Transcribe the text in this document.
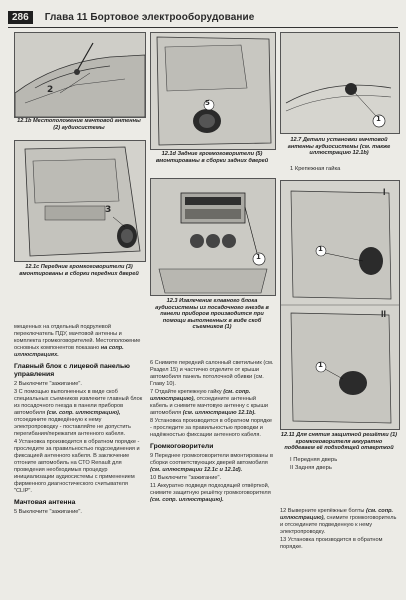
286	Глава 11 Бортовое электрооборудование
2
12.1b Местоположение мачтовой антенны (2) аудиосистемы
3
12.1c Передние громкоговорители (3) вмонтированы в сборки передних дверей
5
12.1d Задние громкоговорители (5) вмонтированы в сборки задних дверей
1
12.7 Детали установки мачтовой антенны аудиосистемы (см. также иллюстрацию 12.1b)
1 Крепежная гайка
1
12.3 Извлечение главного блока аудиосистемы из посадочного гнезда в панели приборов производится при помощи выполненных в виде скоб съемников (1)
I
II
1
1
12.11 Для снятия защитной решётки (1) громкоговорителя аккуратно поддеваем её подходящей отверткой
I Передняя дверь
II Задняя дверь

мещенных на отдельный подрулевой переключатель ПДУ, мачтовой антенны и комплекта громкоговорителей. Местоположение основных компонентов показано на сопр. иллюстрациях.

Главный блок с лицевой панелью управления

2 Выключите "зажигание".

3 С помощью выполненных в виде скоб специальных съемников извлеките главный блок из посадочного гнезда в панели приборов автомобиля (см. сопр. иллюстрацию), отсоедините подведённую к нему электропроводку - поставляйте не допустить перегибания/пережатия антенного кабеля.

4 Установка производится в обратном порядке - проследите за правильностью подсоединения и фиксацией антенного кабеля. В заключение отгоните автомобиль на СТО Renault для проведения необходимых процедур инициализации аудиосистемы с применением фирменного диагностического считывателя "CLIP".

Мачтовая антенна

5 Выключите "зажигание".

6 Снимите передний салонный светильник (см. Раздел 15) и частично отделите от крыши автомобиля панель потолочной обивки (см. Главу 10).

7 Отдайте крепежную гайку (см. сопр. иллюстрацию), отсоедините антенный кабель и снимите мачтовую антенну с крыши автомобиля (см. иллюстрацию 12.1b).

8 Установка производится в обратном порядке - проследите за правильностью проводки и надёжностью фиксации антенного кабеля.

Громкоговорители

9 Переднее громкоговорители вмонтированы в сборки соответствующих дверей автомобиля (см. иллюстрации 12.1c и 12.1d).

10 Выключите "зажигание".

11 Аккуратно подведя подходящей отвёрткой, снимите защитную решётку громкоговорителя (см. сопр. иллюстрацию).

12 Выверните крепёжные болты (см. сопр. иллюстрацию), снимите громкоговоритель и отсоедините подведенную к нему электропроводку.

13 Установка производится в обратном порядке.
